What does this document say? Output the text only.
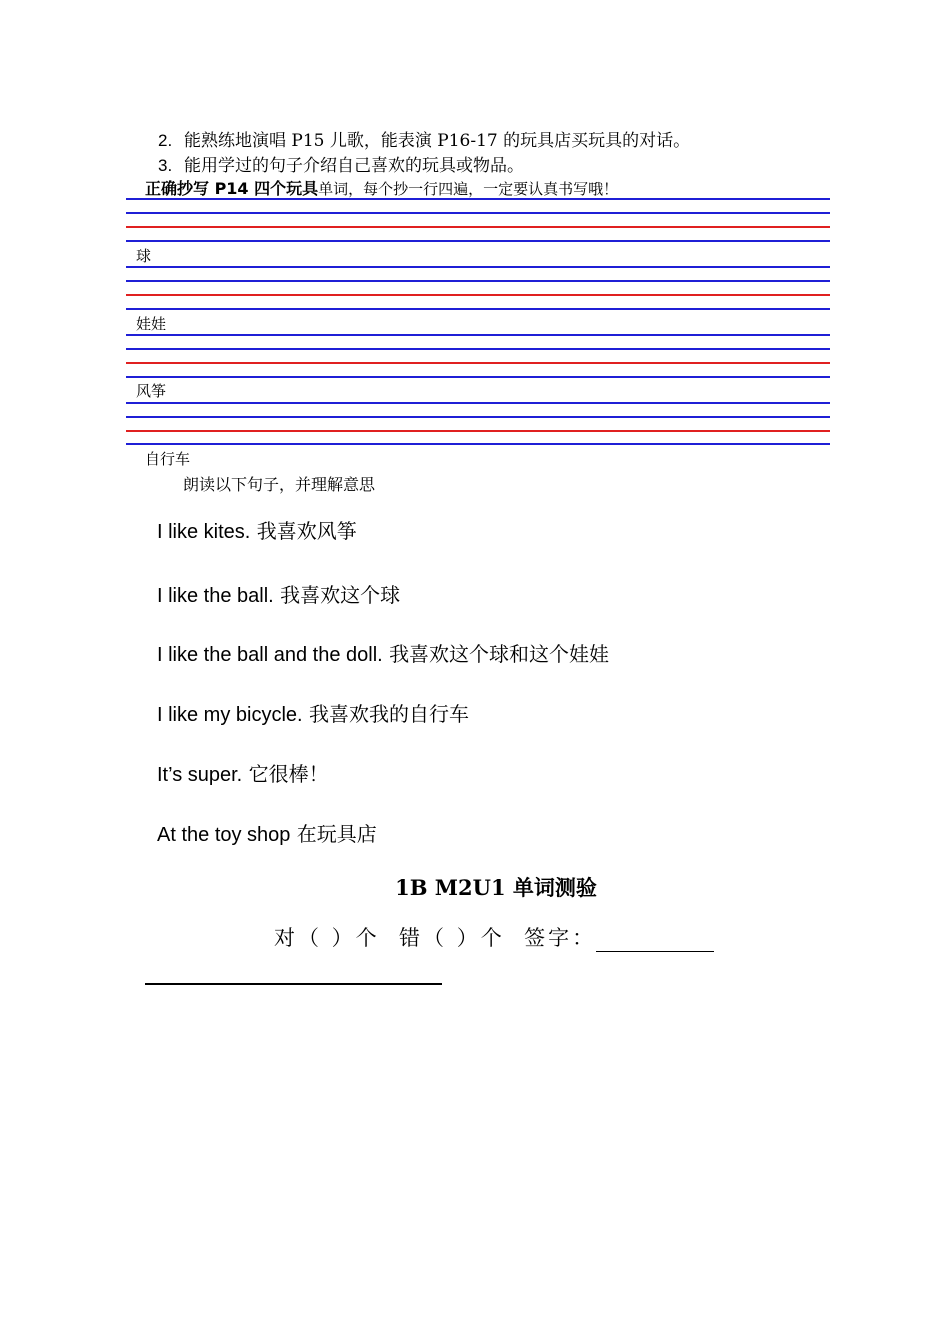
2. 能熟练地演唱 P15 儿歌，能表演 P16-17 的玩具店买玩具的对话。
3. 能用学过的句子介绍自己喜欢的玩具或物品。
正确抄写 P14 四个玩具单词，每个抄一行四遍，一定要认真书写哦！
球
娃娃
风筝
自行车
朗读以下句子，并理解意思
I like kites. 我喜欢风筝
I like the ball. 我喜欢这个球
I like the ball and the doll. 我喜欢这个球和这个娃娃
I like my bicycle. 我喜欢我的自行车
It’s super. 它很棒！
At the toy shop 在玩具店
1B M2U1 单词测验
对（ ）个 错（ ）个 签字：
